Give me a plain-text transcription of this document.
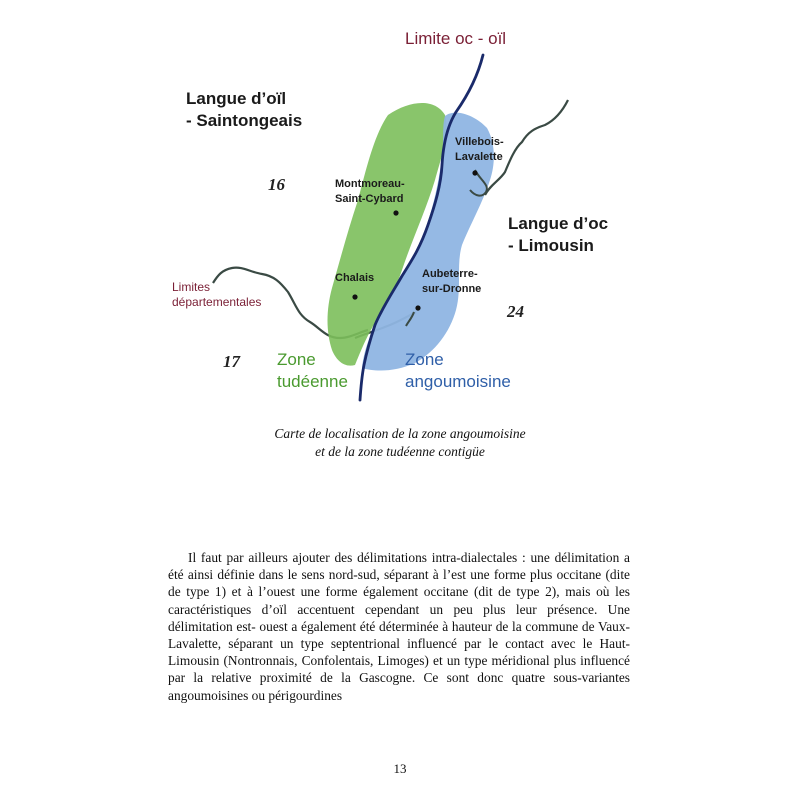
Limite oc - oïl
Langue d’oïl
- Saintongeais
Langue d’oc
- Limousin
Villebois-
Lavalette
Montmoreau-
Saint-Cybard
Chalais	Aubeterre-
sur-Dronne
16
24
17
Limites
départementales
Zone
tudéenne
Zone
angoumoisine
Carte de localisation de la zone angoumoisine
et de la zone tudéenne contigüe

Il faut par ailleurs ajouter des délimitations intra-dialectales : une délimitation a été ainsi définie dans le sens nord-sud, séparant à l’est une forme plus occitane (dite de type 1) et à l’ouest une forme également occitane (dit de type 2), mais où les caractéristiques d’oïl accentuent cependant un peu plus leur présence. Une délimitation est- ouest a également été déterminée à hauteur de la commune de Vaux-Lavalette, séparant un type septentrional influencé par le contact avec le Haut-Limousin (Nontronnais, Confolentais, Limoges) et un type méridional plus influencé par la relative proximité de la Gascogne. Ce sont donc quatre sous-variantes angoumoisines ou périgourdines

13
